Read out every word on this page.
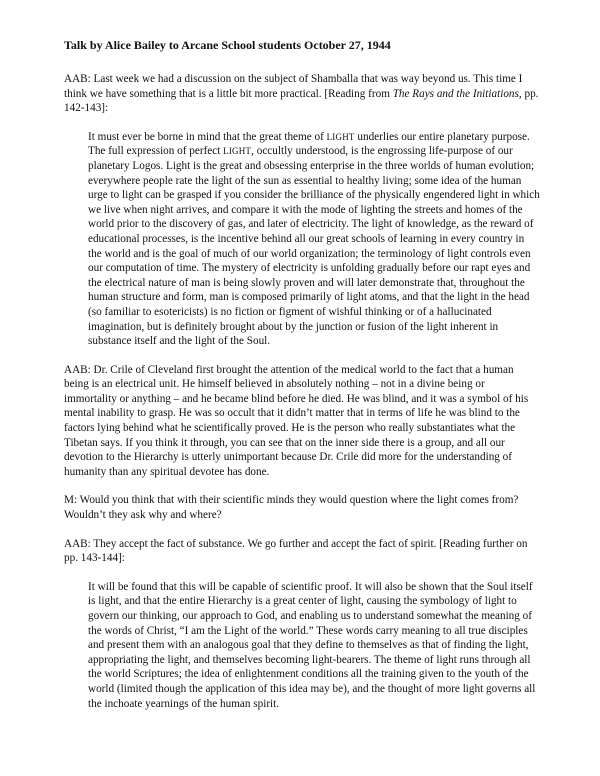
Talk by Alice Bailey to Arcane School students October 27, 1944

AAB: Last week we had a discussion on the subject of Shamballa that was way beyond us. This time I think we have something that is a little bit more practical. [Reading from The Rays and the Initiations, pp. 142-143]:

It must ever be borne in mind that the great theme of LIGHT underlies our entire planetary purpose. The full expression of perfect LIGHT, occultly understood, is the engrossing life-purpose of our planetary Logos. Light is the great and obsessing enterprise in the three worlds of human evolution; everywhere people rate the light of the sun as essential to healthy living; some idea of the human urge to light can be grasped if you consider the brilliance of the physically engendered light in which we live when night arrives, and compare it with the mode of lighting the streets and homes of the world prior to the discovery of gas, and later of electricity. The light of knowledge, as the reward of educational processes, is the incentive behind all our great schools of learning in every country in the world and is the goal of much of our world organization; the terminology of light controls even our computation of time. The mystery of electricity is unfolding gradually before our rapt eyes and the electrical nature of man is being slowly proven and will later demonstrate that, throughout the human structure and form, man is composed primarily of light atoms, and that the light in the head (so familiar to esotericists) is no fiction or figment of wishful thinking or of a hallucinated imagination, but is definitely brought about by the junction or fusion of the light inherent in substance itself and the light of the Soul.

AAB: Dr. Crile of Cleveland first brought the attention of the medical world to the fact that a human being is an electrical unit. He himself believed in absolutely nothing – not in a divine being or immortality or anything – and he became blind before he died. He was blind, and it was a symbol of his mental inability to grasp. He was so occult that it didn’t matter that in terms of life he was blind to the factors lying behind what he scientifically proved. He is the person who really substantiates what the Tibetan says. If you think it through, you can see that on the inner side there is a group, and all our devotion to the Hierarchy is utterly unimportant because Dr. Crile did more for the understanding of humanity than any spiritual devotee has done.

M: Would you think that with their scientific minds they would question where the light comes from? Wouldn’t they ask why and where?

AAB: They accept the fact of substance. We go further and accept the fact of spirit. [Reading further on pp. 143-144]:

It will be found that this will be capable of scientific proof. It will also be shown that the Soul itself is light, and that the entire Hierarchy is a great center of light, causing the symbology of light to govern our thinking, our approach to God, and enabling us to understand somewhat the meaning of the words of Christ, “I am the Light of the world.” These words carry meaning to all true disciples and present them with an analogous goal that they define to themselves as that of finding the light, appropriating the light, and themselves becoming light-bearers. The theme of light runs through all the world Scriptures; the idea of enlightenment conditions all the training given to the youth of the world (limited though the application of this idea may be), and the thought of more light governs all the inchoate yearnings of the human spirit.
